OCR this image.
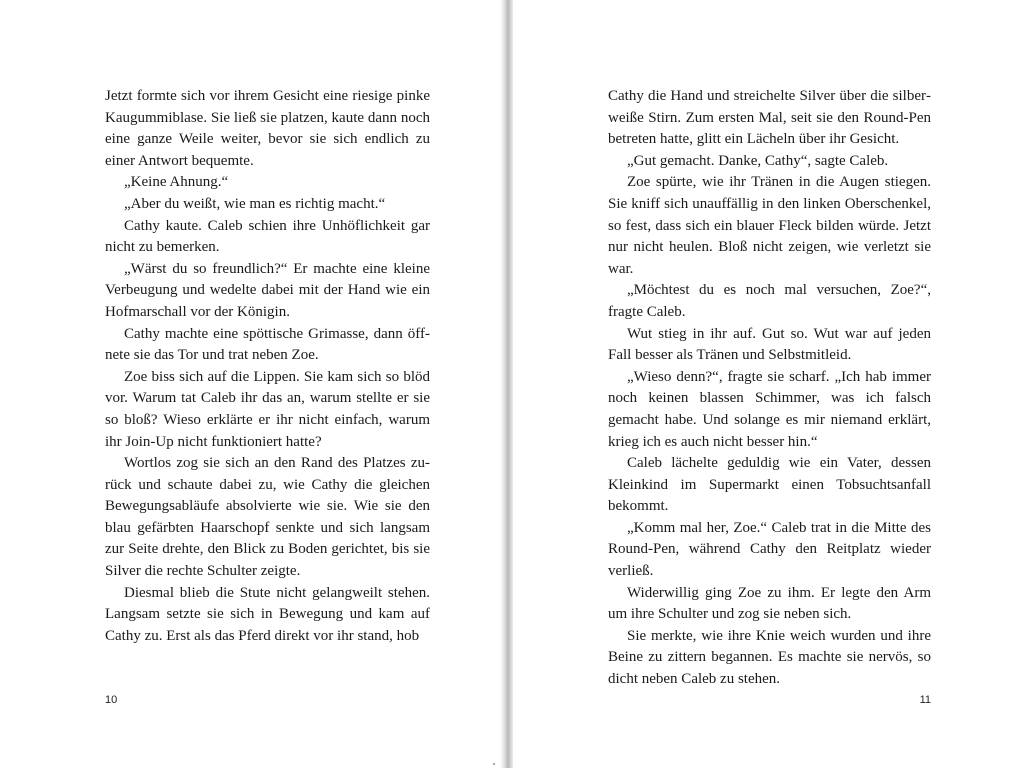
Jetzt formte sich vor ihrem Gesicht eine riesige pinke Kaugummiblase. Sie ließ sie platzen, kaute dann noch eine ganze Weile weiter, bevor sie sich endlich zu einer Antwort bequemte.

„Keine Ahnung.“

„Aber du weißt, wie man es richtig macht.“

Cathy kaute. Caleb schien ihre Unhöflichkeit gar nicht zu bemerken.

„Wärst du so freundlich?“ Er machte eine kleine Verbeugung und wedelte dabei mit der Hand wie ein Hofmarschall vor der Königin.

Cathy machte eine spöttische Grimasse, dann öffnete sie das Tor und trat neben Zoe.

Zoe biss sich auf die Lippen. Sie kam sich so blöd vor. Warum tat Caleb ihr das an, warum stellte er sie so bloß? Wieso erklärte er ihr nicht einfach, warum ihr Join-Up nicht funktioniert hatte?

Wortlos zog sie sich an den Rand des Platzes zurück und schaute dabei zu, wie Cathy die gleichen Bewegungsabläufe absolvierte wie sie. Wie sie den blau gefärbten Haarschopf senkte und sich langsam zur Seite drehte, den Blick zu Boden gerichtet, bis sie Silver die rechte Schulter zeigte.

Diesmal blieb die Stute nicht gelangweilt stehen. Langsam setzte sie sich in Bewegung und kam auf Cathy zu. Erst als das Pferd direkt vor ihr stand, hob

10

Cathy die Hand und streichelte Silver über die silberweiße Stirn. Zum ersten Mal, seit sie den Round-Pen betreten hatte, glitt ein Lächeln über ihr Gesicht.

„Gut gemacht. Danke, Cathy“, sagte Caleb.

Zoe spürte, wie ihr Tränen in die Augen stiegen. Sie kniff sich unauffällig in den linken Oberschenkel, so fest, dass sich ein blauer Fleck bilden würde. Jetzt nur nicht heulen. Bloß nicht zeigen, wie verletzt sie war.

„Möchtest du es noch mal versuchen, Zoe?“, fragte Caleb.

Wut stieg in ihr auf. Gut so. Wut war auf jeden Fall besser als Tränen und Selbstmitleid.

„Wieso denn?“, fragte sie scharf. „Ich hab immer noch keinen blassen Schimmer, was ich falsch gemacht habe. Und solange es mir niemand erklärt, krieg ich es auch nicht besser hin.“

Caleb lächelte geduldig wie ein Vater, dessen Kleinkind im Supermarkt einen Tobsuchtsanfall bekommt.

„Komm mal her, Zoe.“ Caleb trat in die Mitte des Round-Pen, während Cathy den Reitplatz wieder verließ.

Widerwillig ging Zoe zu ihm. Er legte den Arm um ihre Schulter und zog sie neben sich.

Sie merkte, wie ihre Knie weich wurden und ihre Beine zu zittern begannen. Es machte sie nervös, so dicht neben Caleb zu stehen.

11
